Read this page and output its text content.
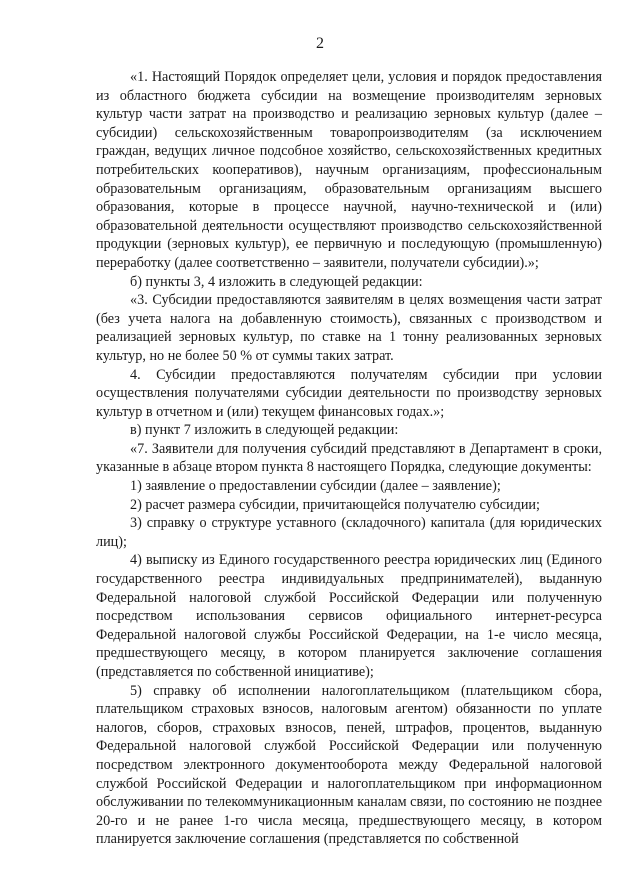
2

«1. Настоящий Порядок определяет цели, условия и порядок предоставления из областного бюджета субсидии на возмещение производителям зерновых культур части затрат на производство и реализацию зерновых культур (далее – субсидии) сельскохозяйственным товаропроизводителям (за исключением граждан, ведущих личное подсобное хозяйство, сельскохозяйственных кредитных потребительских кооперативов), научным организациям, профессиональным образовательным организациям, образовательным организациям высшего образования, которые в процессе научной, научно-технической и (или) образовательной деятельности осуществляют производство сельскохозяйственной продукции (зерновых культур), ее первичную и последующую (промышленную) переработку (далее соответственно – заявители, получатели субсидии).»;

б) пункты 3, 4 изложить в следующей редакции:

«3. Субсидии предоставляются заявителям в целях возмещения части затрат (без учета налога на добавленную стоимость), связанных с производством и реализацией зерновых культур, по ставке на 1 тонну реализованных зерновых культур, но не более 50 % от суммы таких затрат.

4. Субсидии предоставляются получателям субсидии при условии осуществления получателями субсидии деятельности по производству зерновых культур в отчетном и (или) текущем финансовых годах.»;

в) пункт 7 изложить в следующей редакции:

«7. Заявители для получения субсидий представляют в Департамент в сроки, указанные в абзаце втором пункта 8 настоящего Порядка, следующие документы:

1) заявление о предоставлении субсидии (далее – заявление);

2) расчет размера субсидии, причитающейся получателю субсидии;

3) справку о структуре уставного (складочного) капитала (для юридических лиц);

4) выписку из Единого государственного реестра юридических лиц (Единого государственного реестра индивидуальных предпринимателей), выданную Федеральной налоговой службой Российской Федерации или полученную посредством использования сервисов официального интернет-ресурса Федеральной налоговой службы Российской Федерации, на 1-е число месяца, предшествующего месяцу, в котором планируется заключение соглашения (представляется по собственной инициативе);

5) справку об исполнении налогоплательщиком (плательщиком сбора, плательщиком страховых взносов, налоговым агентом) обязанности по уплате налогов, сборов, страховых взносов, пеней, штрафов, процентов, выданную Федеральной налоговой службой Российской Федерации или полученную посредством электронного документооборота между Федеральной налоговой службой Российской Федерации и налогоплательщиком при информационном обслуживании по телекоммуникационным каналам связи, по состоянию не позднее 20-го и не ранее 1-го числа месяца, предшествующего месяцу, в котором планируется заключение соглашения (представляется по собственной
